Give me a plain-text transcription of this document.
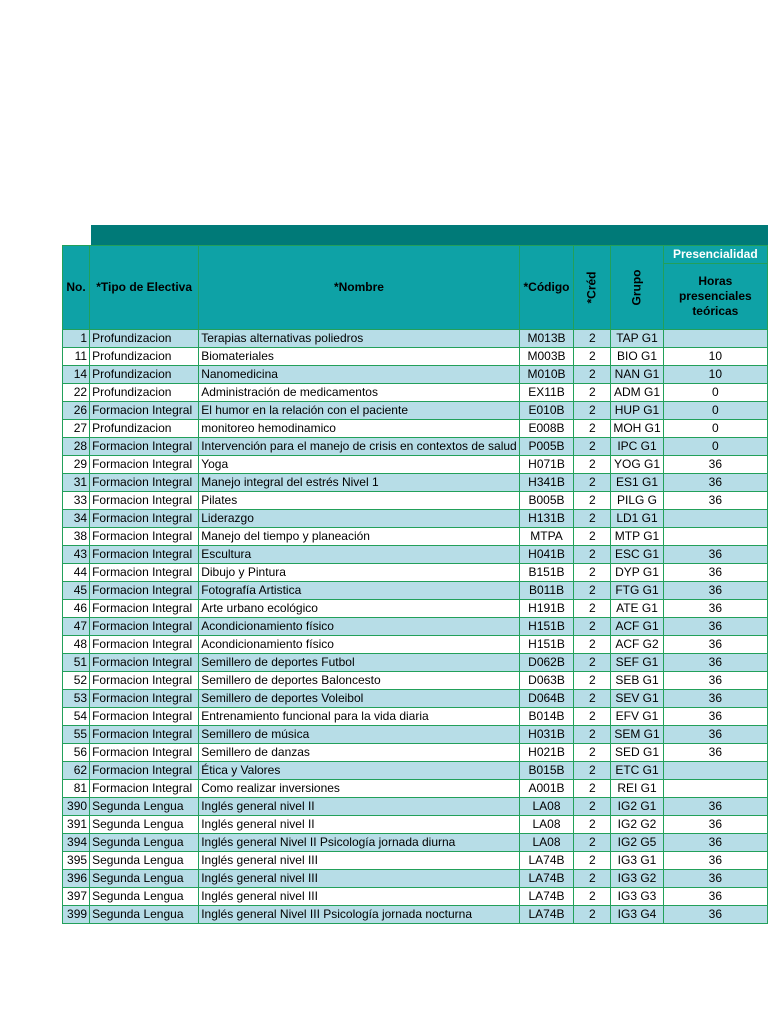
No.	*Tipo de Electiva	*Nombre	*Código	*Créd	Grupo	Presencialidad
						Horas presenciales teóricas
1	Profundizacion	Terapias alternativas poliedros	M013B	2	TAP G1	
11	Profundizacion	Biomateriales	M003B	2	BIO G1	10
14	Profundizacion	Nanomedicina	M010B	2	NAN G1	10
22	Profundizacion	Administración de medicamentos	EX11B	2	ADM G1	0
26	Formacion Integral	El humor en la relación con el paciente	E010B	2	HUP G1	0
27	Profundizacion	monitoreo hemodinamico	E008B	2	MOH G1	0
28	Formacion Integral	Intervención para el manejo de crisis en contextos de salud	P005B	2	IPC G1	0
29	Formacion Integral	Yoga	H071B	2	YOG G1	36
31	Formacion Integral	Manejo integral del estrés Nivel 1	H341B	2	ES1 G1	36
33	Formacion Integral	Pilates	B005B	2	PILG G	36
34	Formacion Integral	Liderazgo	H131B	2	LD1 G1	
38	Formacion Integral	Manejo del tiempo y planeación	MTPA	2	MTP G1	
43	Formacion Integral	Escultura	H041B	2	ESC G1	36
44	Formacion Integral	Dibujo y Pintura	B151B	2	DYP G1	36
45	Formacion Integral	Fotografía Artistica	B011B	2	FTG G1	36
46	Formacion Integral	Arte urbano ecológico	H191B	2	ATE G1	36
47	Formacion Integral	Acondicionamiento físico	H151B	2	ACF G1	36
48	Formacion Integral	Acondicionamiento físico	H151B	2	ACF G2	36
51	Formacion Integral	Semillero de deportes Futbol	D062B	2	SEF G1	36
52	Formacion Integral	Semillero de deportes Baloncesto	D063B	2	SEB G1	36
53	Formacion Integral	Semillero de deportes Voleibol	D064B	2	SEV G1	36
54	Formacion Integral	Entrenamiento funcional para la vida diaria	B014B	2	EFV G1	36
55	Formacion Integral	Semillero de música	H031B	2	SEM G1	36
56	Formacion Integral	Semillero de danzas	H021B	2	SED G1	36
62	Formacion Integral	Ética y Valores	B015B	2	ETC G1	
81	Formacion Integral	Como realizar inversiones	A001B	2	REI G1	
390	Segunda Lengua	Inglés general nivel II	LA08	2	IG2 G1	36
391	Segunda Lengua	Inglés general nivel II	LA08	2	IG2 G2	36
394	Segunda Lengua	Inglés general Nivel II Psicología jornada diurna	LA08	2	IG2 G5	36
395	Segunda Lengua	Inglés general nivel III	LA74B	2	IG3 G1	36
396	Segunda Lengua	Inglés general nivel III	LA74B	2	IG3 G2	36
397	Segunda Lengua	Inglés general nivel III	LA74B	2	IG3 G3	36
399	Segunda Lengua	Inglés general Nivel III Psicología jornada nocturna	LA74B	2	IG3 G4	36
